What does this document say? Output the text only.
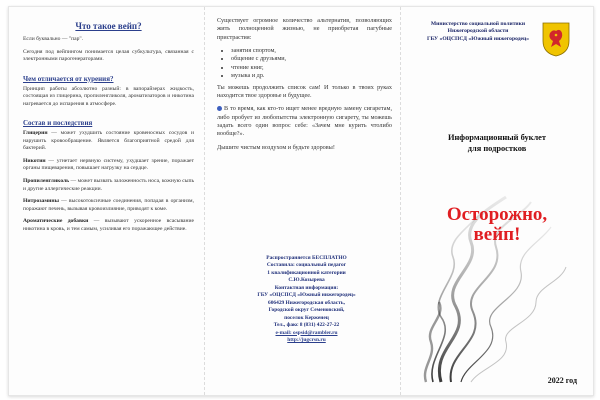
Что такое вейп?

Если буквально — "пар".

Сегодня под вейпингом понимается целая субкультура, связанная с электронными парогенераторами.

Чем отличается от курения?

Принцип работы абсолютно разный: в вапорайзерах жидкость, состоящая из глицерина, пропиленгликоля, ароматизаторов и никотина нагревается до испарения в атмосфере.

Состав и последствия

Глицерин — может ухудшить состояние кровеносных сосудов и нарушить кровообращение. Является благоприятной средой для бактерий.

Никотин — угнетает нервную систему, ухудшает зрение, поражает органы пищеварения, повышает нагрузку на сердце.

Пропиленгликоль — может вызвать заложенность носа, кожную сыпь и другие аллергические реакции.

Нитрозамины — высокотоксичные соединения, попадая в организм, поражают печень, вызывая кровоизлияние, приводят к коме.

Ароматические добавки — вызывают ускоренное всасывание никотина в кровь, и тем самым, усиливая его поражающее действие.

Существует огромное количество альтернатив, позволяющих жить полноценной жизнью, не приобретая пагубные пристрастия:

• занятия спортом,
• общение с друзьями,
• чтение книг,
• музыка и др.

Ты можешь продолжить список сам! И только в твоих руках находится твое здоровье и будущее.

В то время, как кто-то ищет менее вредную замену сигаретам, либо пробует из любопытства электронную сигарету, ты можешь задать всего один вопрос себе: «Зачем мне курить чтолибо вообще?».

Дышите чистым воздухом и будьте здоровы!

Распространяется БЕСПЛАТНО
Составила: социальный педагог
1 квалификационной категории
С.Ю.Козырева
Контактная информация:
ГБУ «ОЦСПСД «Южный нижегородец»
606429 Нижегородская область,
Городской округ Семеновский,
поселок Керженец
Тел., факс 8 (831) 422-27-22
e-mail: ospsid@rambler.ru
http://jugcrsn.ru
Министерство социальной политики
Нижегородской области
ГБУ «ОЦСПСД «Южный нижегородец»
Информационный буклет
для подростков
Осторожно,
вейп!
2022 год
